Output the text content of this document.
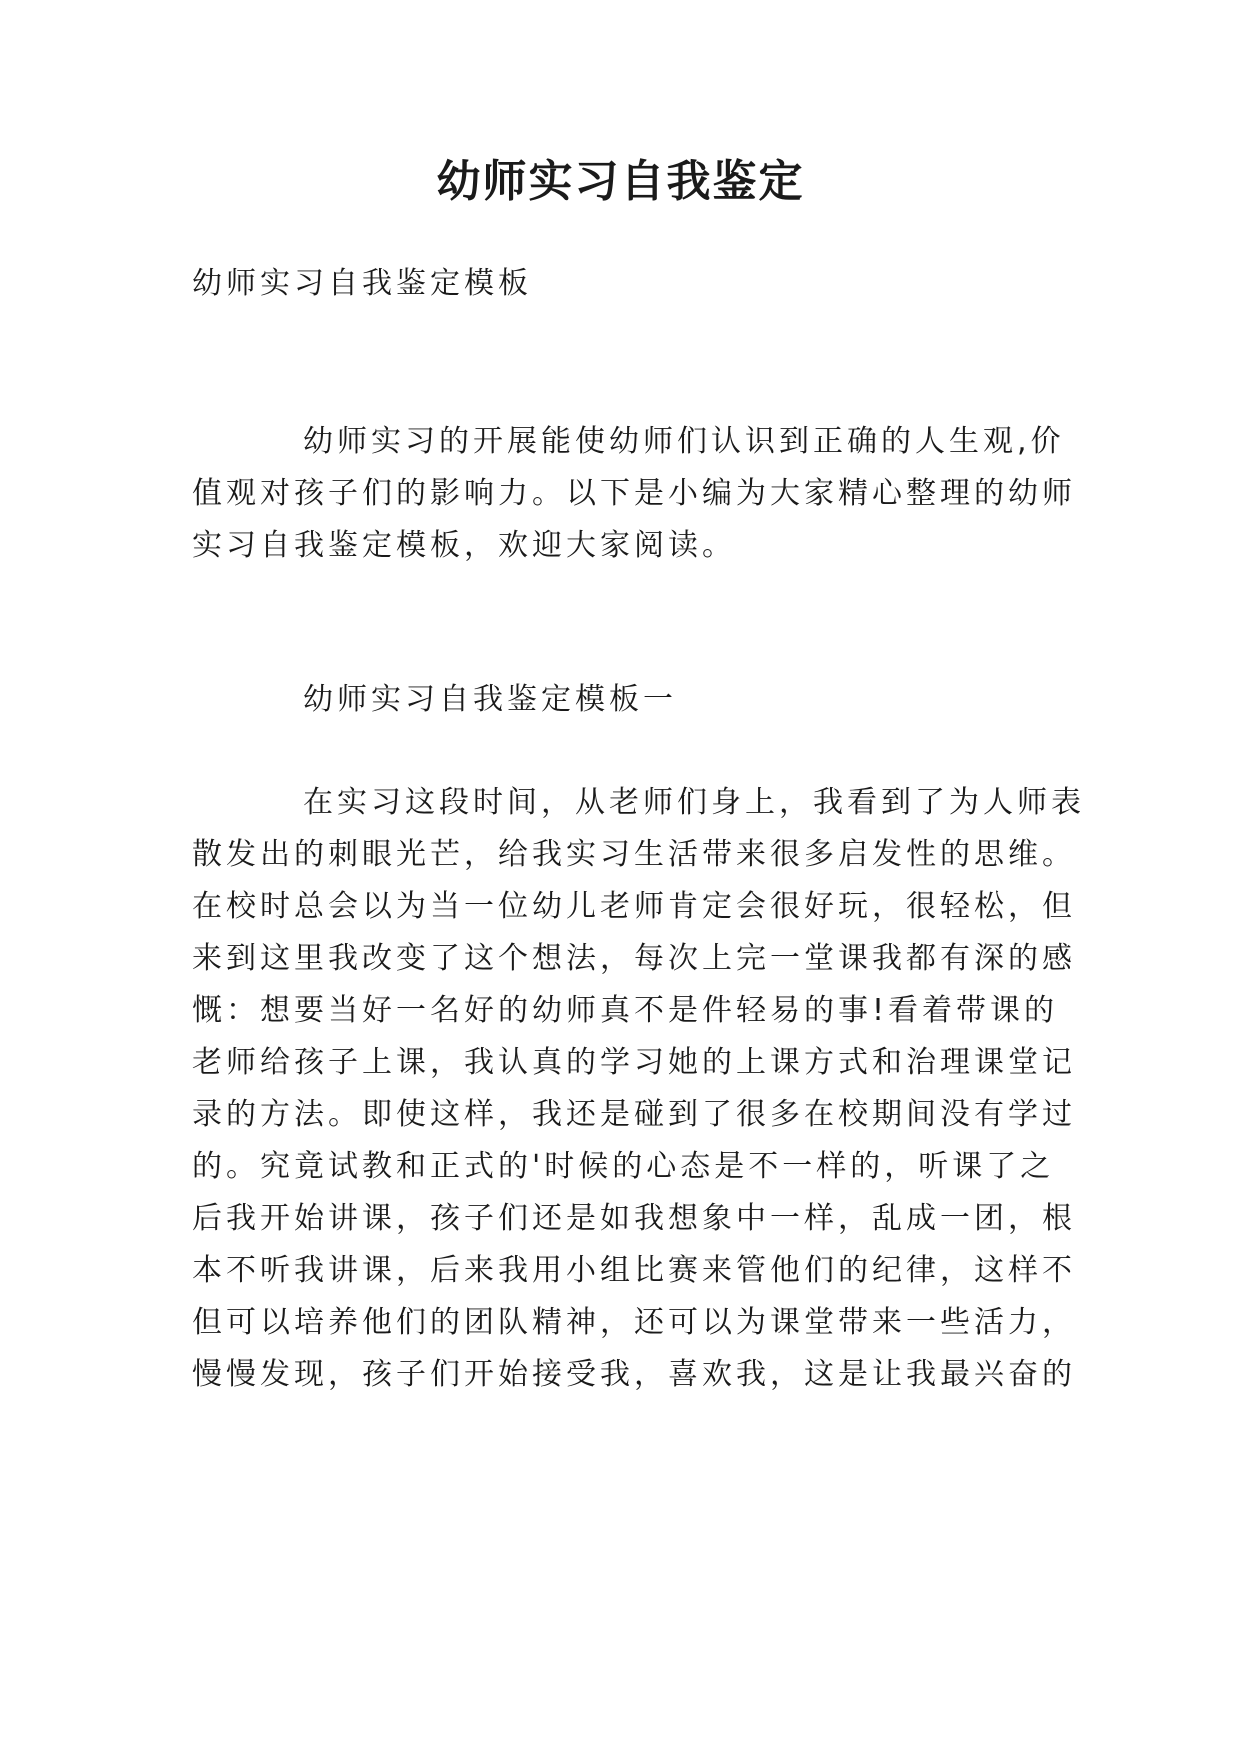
幼师实习自我鉴定
幼师实习自我鉴定模板
幼师实习的开展能使幼师们认识到正确的人生观,价
值观对孩子们的影响力。以下是小编为大家精心整理的幼师
实习自我鉴定模板，欢迎大家阅读。
幼师实习自我鉴定模板一
在实习这段时间，从老师们身上，我看到了为人师表
散发出的刺眼光芒，给我实习生活带来很多启发性的思维。
在校时总会以为当一位幼儿老师肯定会很好玩，很轻松，但
来到这里我改变了这个想法，每次上完一堂课我都有深的感
慨：想要当好一名好的幼师真不是件轻易的事!看着带课的
老师给孩子上课，我认真的学习她的上课方式和治理课堂记
录的方法。即使这样，我还是碰到了很多在校期间没有学过
的。究竟试教和正式的'时候的心态是不一样的，听课了之
后我开始讲课，孩子们还是如我想象中一样，乱成一团，根
本不听我讲课，后来我用小组比赛来管他们的纪律，这样不
但可以培养他们的团队精神，还可以为课堂带来一些活力，
慢慢发现，孩子们开始接受我，喜欢我，这是让我最兴奋的
